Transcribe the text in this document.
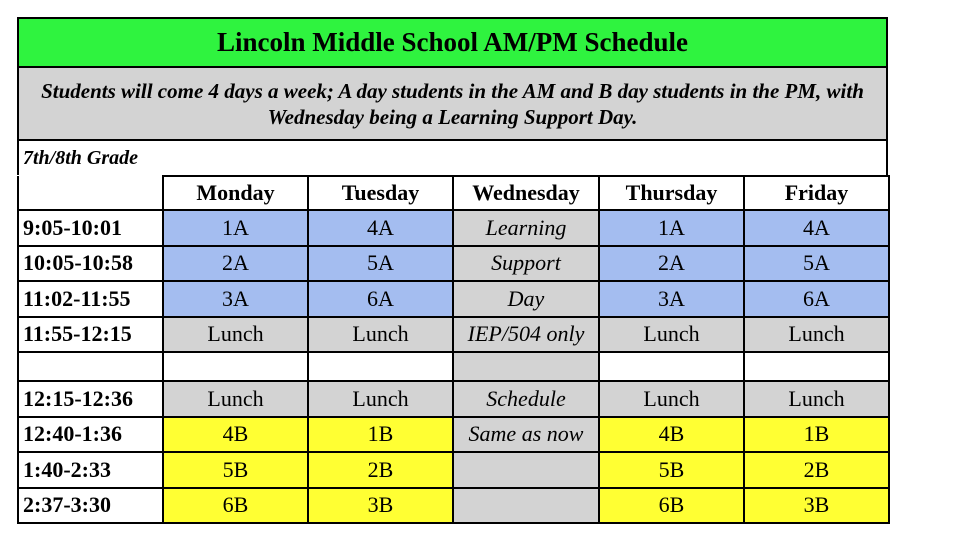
Lincoln Middle School AM/PM Schedule
Students will come 4 days a week; A day students in the AM and B day students in the PM, with Wednesday being a Learning Support Day.
7th/8th Grade
	Monday	Tuesday	Wednesday	Thursday	Friday
9:05-10:01	1A	4A	Learning	1A	4A
10:05-10:58	2A	5A	Support	2A	5A
11:02-11:55	3A	6A	Day	3A	6A
11:55-12:15	Lunch	Lunch	IEP/504 only	Lunch	Lunch

12:15-12:36	Lunch	Lunch	Schedule	Lunch	Lunch
12:40-1:36	4B	1B	Same as now	4B	1B
1:40-2:33	5B	2B		5B	2B
2:37-3:30	6B	3B		6B	3B
